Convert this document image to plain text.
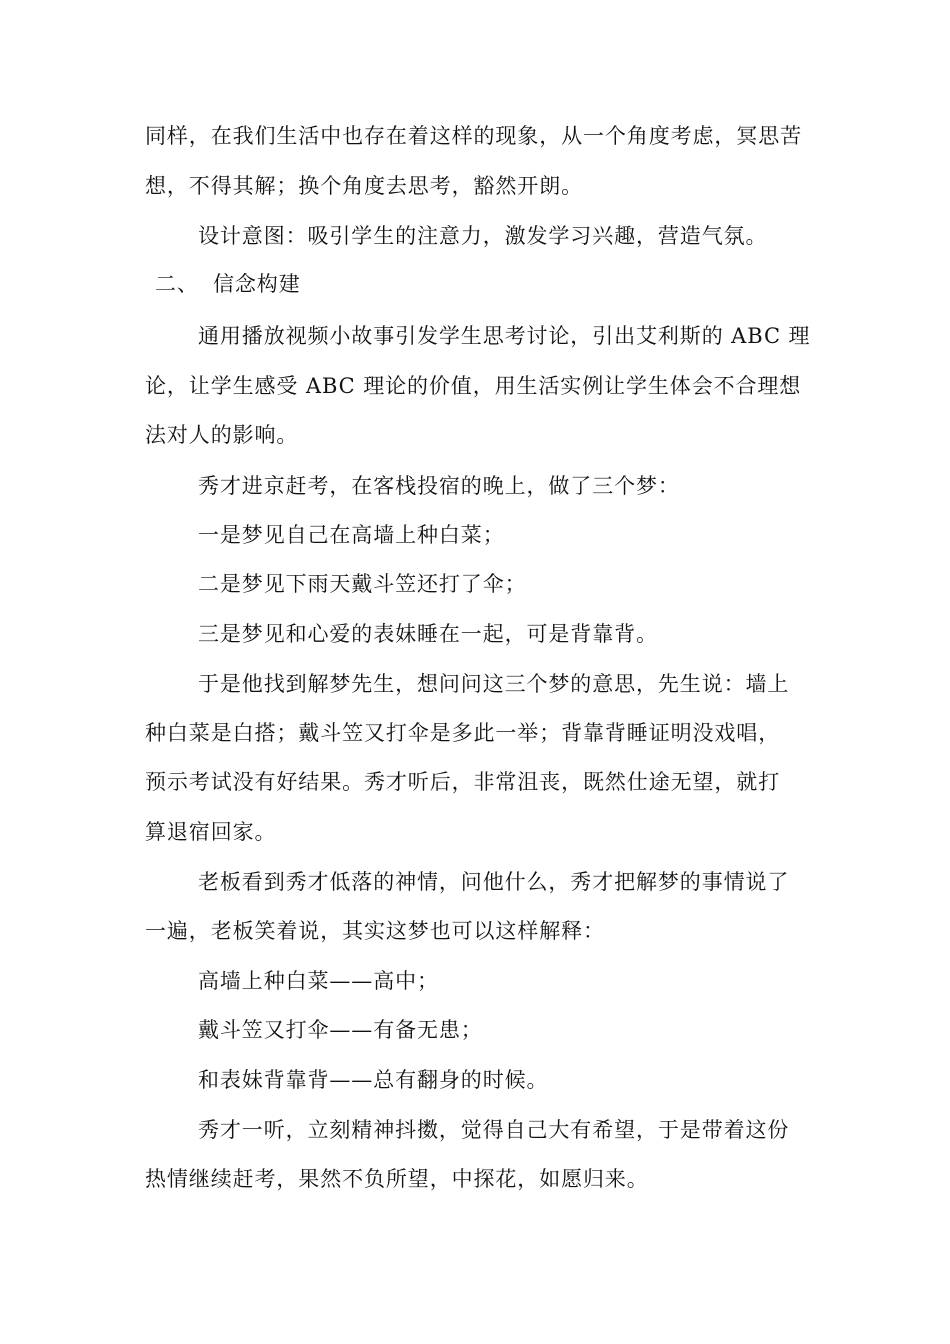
同样，在我们生活中也存在着这样的现象，从一个角度考虑，冥思苦
想，不得其解；换个角度去思考，豁然开朗。
设计意图：吸引学生的注意力，激发学习兴趣，营造气氛。
二、 信念构建
通用播放视频小故事引发学生思考讨论，引出艾利斯的 ABC 理
论，让学生感受 ABC 理论的价值，用生活实例让学生体会不合理想
法对人的影响。
秀才进京赶考，在客栈投宿的晚上，做了三个梦：
一是梦见自己在高墙上种白菜；
二是梦见下雨天戴斗笠还打了伞；
三是梦见和心爱的表妹睡在一起，可是背靠背。
于是他找到解梦先生，想问问这三个梦的意思，先生说：墙上
种白菜是白搭；戴斗笠又打伞是多此一举；背靠背睡证明没戏唱，
预示考试没有好结果。秀才听后，非常沮丧，既然仕途无望，就打
算退宿回家。
老板看到秀才低落的神情，问他什么，秀才把解梦的事情说了
一遍，老板笑着说，其实这梦也可以这样解释：
高墙上种白菜——高中；
戴斗笠又打伞——有备无患；
和表妹背靠背——总有翻身的时候。
秀才一听，立刻精神抖擞，觉得自己大有希望，于是带着这份
热情继续赶考，果然不负所望，中探花，如愿归来。
